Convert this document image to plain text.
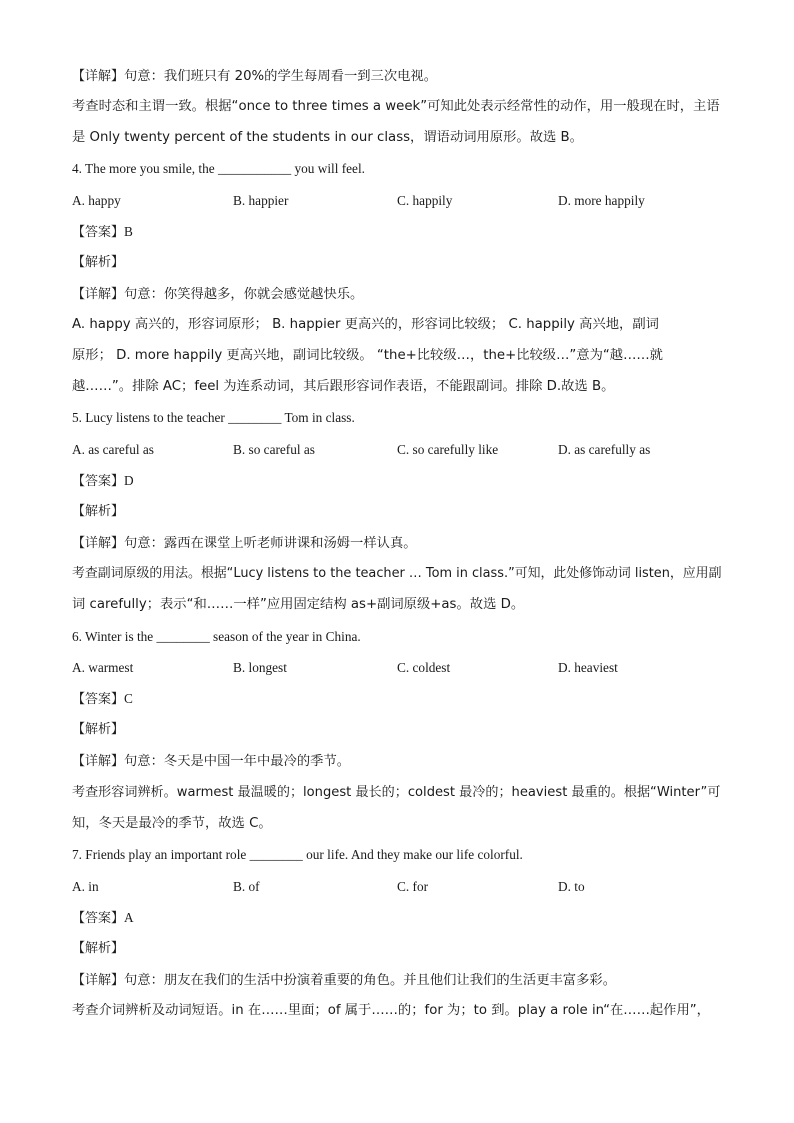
【详解】句意：我们班只有 20%的学生每周看一到三次电视。
考查时态和主谓一致。根据“once to three times a week”可知此处表示经常性的动作，用一般现在时，主语
是 Only twenty percent of the students in our class，谓语动词用原形。故选 B。
4. The more you smile, the ___________ you will feel.
A. happy	B. happier	C. happily	D. more happily
【答案】B
【解析】
【详解】句意：你笑得越多，你就会感觉越快乐。
A. happy 高兴的，形容词原形； B. happier 更高兴的，形容词比较级； C. happily 高兴地，副词
原形； D. more happily 更高兴地，副词比较级。 “the+比较级…，the+比较级…”意为“越……就
越……”。排除 AC；feel 为连系动词，其后跟形容词作表语，不能跟副词。排除 D.故选 B。
5. Lucy listens to the teacher ________ Tom in class.
A. as careful as	B. so careful as	C. so carefully like	D. as carefully as
【答案】D
【解析】
【详解】句意：露西在课堂上听老师讲课和汤姆一样认真。
考查副词原级的用法。根据“Lucy listens to the teacher … Tom in class.”可知，此处修饰动词 listen，应用副
词 carefully；表示“和……一样”应用固定结构 as+副词原级+as。故选 D。
6. Winter is the ________ season of the year in China.
A. warmest	B. longest	C. coldest	D. heaviest
【答案】C
【解析】
【详解】句意：冬天是中国一年中最冷的季节。
考查形容词辨析。warmest 最温暖的；longest 最长的；coldest 最冷的；heaviest 最重的。根据“Winter”可
知，冬天是最冷的季节，故选 C。
7. Friends play an important role ________ our life. And they make our life colorful.
A. in	B. of	C. for	D. to
【答案】A
【解析】
【详解】句意：朋友在我们的生活中扮演着重要的角色。并且他们让我们的生活更丰富多彩。
考查介词辨析及动词短语。in 在……里面；of 属于……的；for 为；to 到。play a role in“在……起作用”，
